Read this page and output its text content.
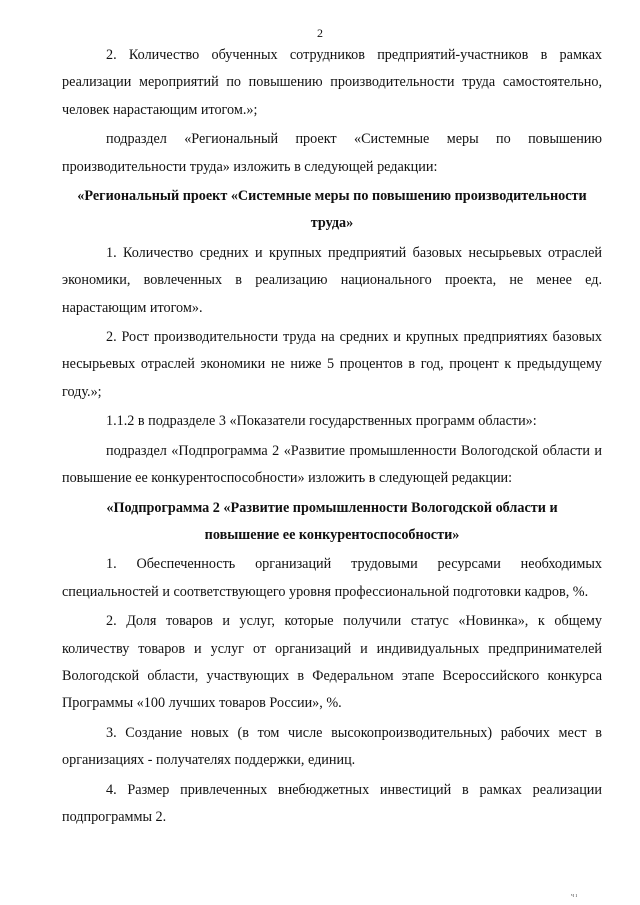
2

2. Количество обученных сотрудников предприятий-участников в рамках реализации мероприятий по повышению производительности труда самостоятельно, человек нарастающим итогом.»;

подраздел «Региональный проект «Системные меры по повышению производительности труда» изложить в следующей редакции:

«Региональный проект «Системные меры по повышению производительности труда»

1. Количество средних и крупных предприятий базовых несырьевых отраслей экономики, вовлеченных в реализацию национального проекта, не менее ед. нарастающим итогом».

2. Рост производительности труда на средних и крупных предприятиях базовых несырьевых отраслей экономики не ниже 5 процентов в год, процент к предыдущему году.»;

1.1.2 в подразделе 3 «Показатели государственных программ области»:

подраздел «Подпрограмма 2 «Развитие промышленности Вологодской области и повышение ее конкурентоспособности» изложить в следующей редакции:

«Подпрограмма 2 «Развитие промышленности Вологодской области и повышение ее конкурентоспособности»

1. Обеспеченность организаций трудовыми ресурсами необходимых специальностей и соответствующего уровня профессиональной подготовки кадров, %.

2. Доля товаров и услуг, которые получили статус «Новинка», к общему количеству товаров и услуг от организаций и индивидуальных предпринимателей Вологодской области, участвующих в Федеральном этапе Всероссийского конкурса Программы «100 лучших товаров России», %.

3. Создание новых (в том числе высокопроизводительных) рабочих мест в организациях - получателях поддержки, единиц.

4. Размер привлеченных внебюджетных инвестиций в рамках реализации подпрограммы 2.

ч ı
